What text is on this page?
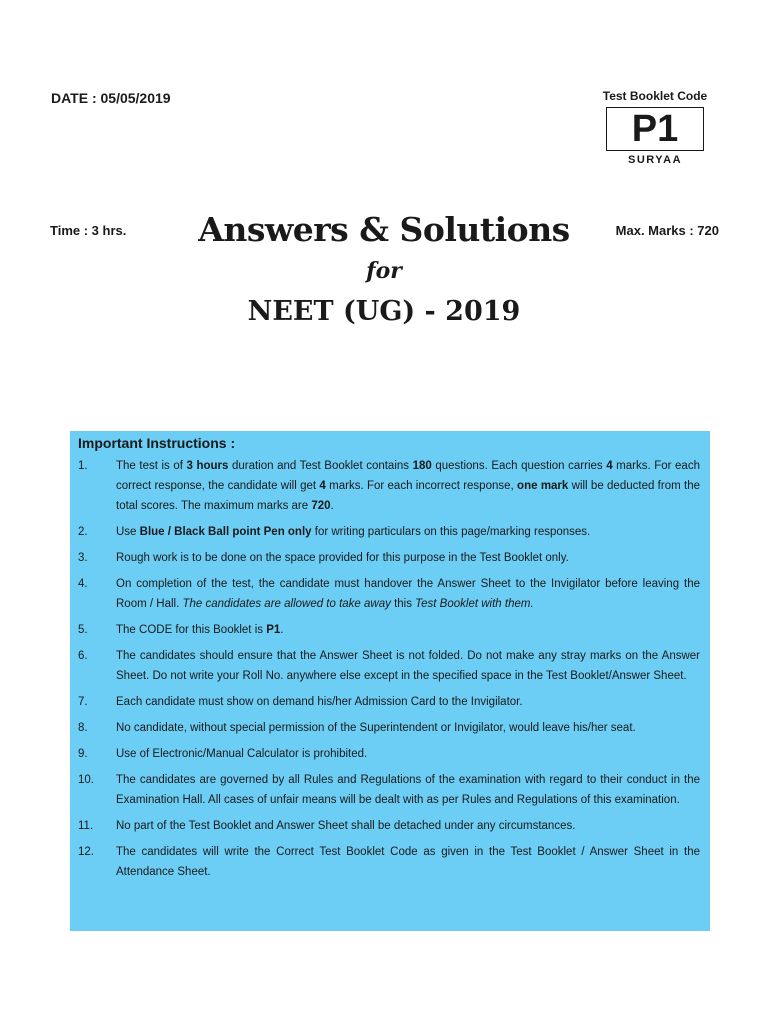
DATE : 05/05/2019	Test Booklet Code
P1
SURYAA
Time : 3 hrs.	Max. Marks : 720
Answers & Solutions
for
NEET (UG) - 2019
Important Instructions :
1.	The test is of 3 hours duration and Test Booklet contains 180 questions. Each question carries 4 marks. For each correct response, the candidate will get 4 marks. For each incorrect response, one mark will be deducted from the total scores. The maximum marks are 720.
2.	Use Blue / Black Ball point Pen only for writing particulars on this page/marking responses.
3.	Rough work is to be done on the space provided for this purpose in the Test Booklet only.
4.	On completion of the test, the candidate must handover the Answer Sheet to the Invigilator before leaving the Room / Hall. The candidates are allowed to take away this Test Booklet with them.
5.	The CODE for this Booklet is P1.
6.	The candidates should ensure that the Answer Sheet is not folded. Do not make any stray marks on the Answer Sheet. Do not write your Roll No. anywhere else except in the specified space in the Test Booklet/Answer Sheet.
7.	Each candidate must show on demand his/her Admission Card to the Invigilator.
8.	No candidate, without special permission of the Superintendent or Invigilator, would leave his/her seat.
9.	Use of Electronic/Manual Calculator is prohibited.
10.	The candidates are governed by all Rules and Regulations of the examination with regard to their conduct in the Examination Hall. All cases of unfair means will be dealt with as per Rules and Regulations of this examination.
11.	No part of the Test Booklet and Answer Sheet shall be detached under any circumstances.
12.	The candidates will write the Correct Test Booklet Code as given in the Test Booklet / Answer Sheet in the Attendance Sheet.
